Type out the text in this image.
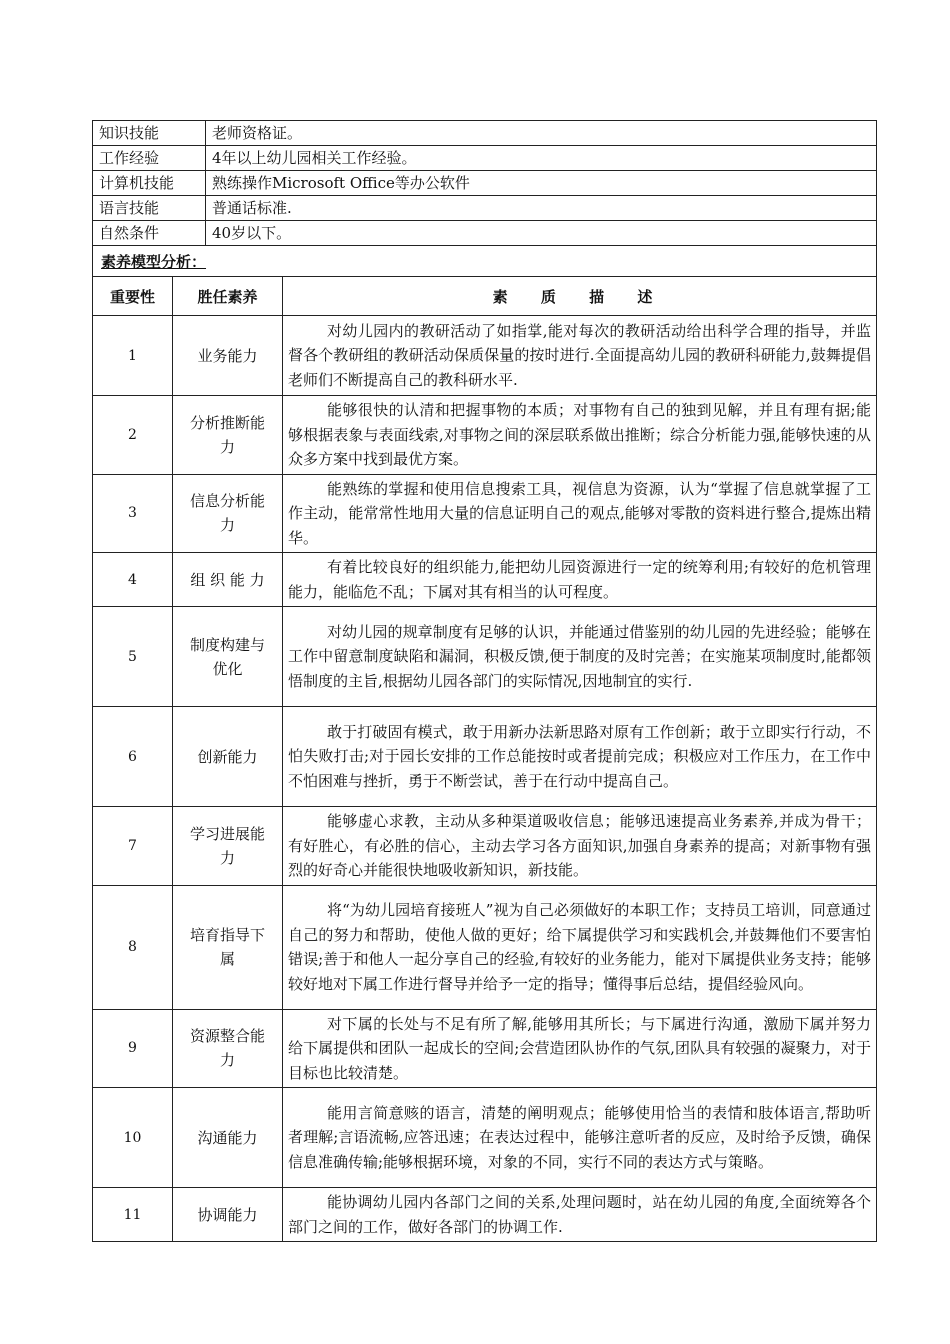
知识技能	老师资格证。
工作经验	4年以上幼儿园相关工作经验。
计算机技能	熟练操作Microsoft Office等办公软件
语言技能	普通话标准.
自然条件	40岁以下。
素养模型分析：	
重要性	胜任素养	素 质 描 述
1	业务能力	对幼儿园内的教研活动了如指掌,能对每次的教研活动给出科学合理的指导，并监督各个教研组的教研活动保质保量的按时进行.全面提高幼儿园的教研科研能力,鼓舞提倡老师们不断提高自己的教科研水平.
2	分析推断能力	能够很快的认清和把握事物的本质；对事物有自己的独到见解，并且有理有据;能够根据表象与表面线索,对事物之间的深层联系做出推断；综合分析能力强,能够快速的从众多方案中找到最优方案。
3	信息分析能力	能熟练的掌握和使用信息搜索工具，视信息为资源，认为“掌握了信息就掌握了工作主动，能常常性地用大量的信息证明自己的观点,能够对零散的资料进行整合,提炼出精华。
4	组 织 能 力	有着比较良好的组织能力,能把幼儿园资源进行一定的统筹利用;有较好的危机管理能力，能临危不乱；下属对其有相当的认可程度。
5	制度构建与优化	对幼儿园的规章制度有足够的认识，并能通过借鉴别的幼儿园的先进经验；能够在工作中留意制度缺陷和漏洞，积极反馈,便于制度的及时完善；在实施某项制度时,能都领悟制度的主旨,根据幼儿园各部门的实际情况,因地制宜的实行.
6	创新能力	敢于打破固有模式，敢于用新办法新思路对原有工作创新；敢于立即实行行动，不怕失败打击;对于园长安排的工作总能按时或者提前完成；积极应对工作压力，在工作中不怕困难与挫折，勇于不断尝试，善于在行动中提高自己。
7	学习进展能力	能够虚心求教，主动从多种渠道吸收信息；能够迅速提高业务素养,并成为骨干；有好胜心，有必胜的信心，主动去学习各方面知识,加强自身素养的提高；对新事物有强烈的好奇心并能很快地吸收新知识，新技能。
8	培育指导下属	将“为幼儿园培育接班人”视为自己必须做好的本职工作；支持员工培训，同意通过自己的努力和帮助，使他人做的更好；给下属提供学习和实践机会,并鼓舞他们不要害怕错误;善于和他人一起分享自己的经验,有较好的业务能力，能对下属提供业务支持；能够较好地对下属工作进行督导并给予一定的指导；懂得事后总结，提倡经验风向。
9	资源整合能力	对下属的长处与不足有所了解,能够用其所长；与下属进行沟通，激励下属并努力给下属提供和团队一起成长的空间;会营造团队协作的气氛,团队具有较强的凝聚力，对于目标也比较清楚。
10	沟通能力	能用言简意赅的语言，清楚的阐明观点；能够使用恰当的表情和肢体语言,帮助听者理解;言语流畅,应答迅速；在表达过程中，能够注意听者的反应，及时给予反馈，确保信息准确传输;能够根据环境，对象的不同，实行不同的表达方式与策略。
11	协调能力	能协调幼儿园内各部门之间的关系,处理问题时，站在幼儿园的角度,全面统筹各个部门之间的工作，做好各部门的协调工作.
